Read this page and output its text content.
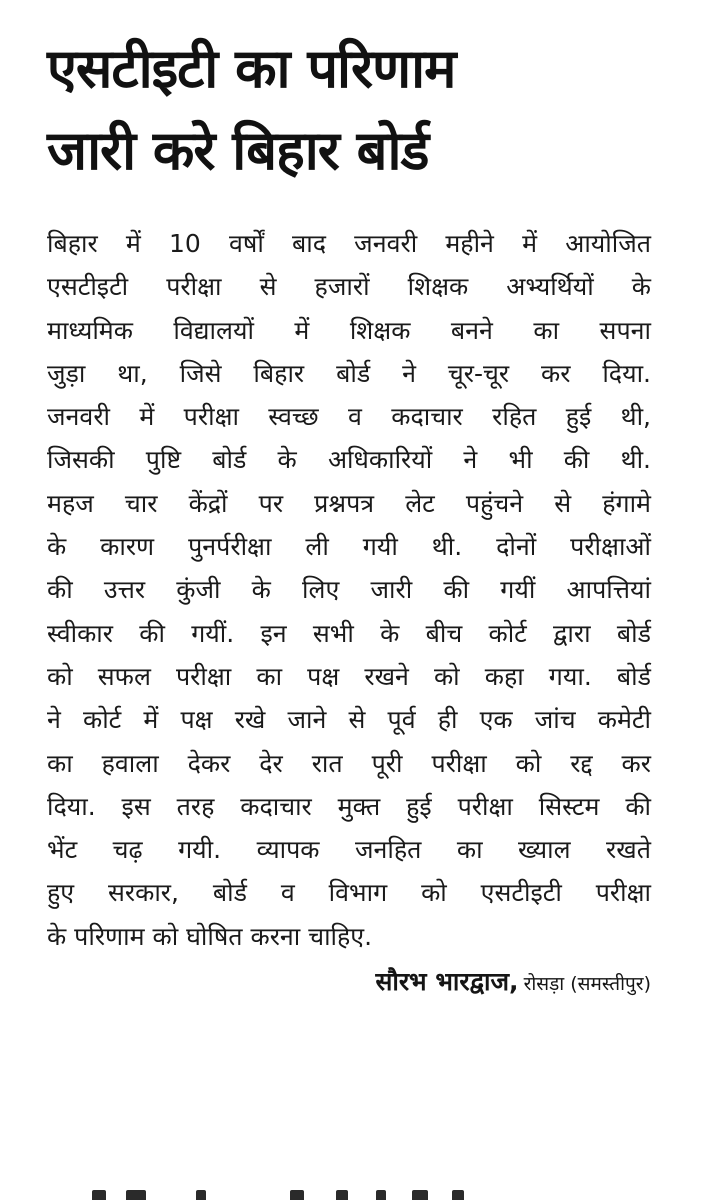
एसटीइटी का परिणाम
जारी करे बिहार बोर्ड
बिहार में 10 वर्षों बाद जनवरी महीने में आयोजित
एसटीइटी परीक्षा से हजारों शिक्षक अभ्यर्थियों के
माध्यमिक विद्यालयों में शिक्षक बनने का सपना
जुड़ा था, जिसे बिहार बोर्ड ने चूर-चूर कर दिया.
जनवरी में परीक्षा स्वच्छ व कदाचार रहित हुई थी,
जिसकी पुष्टि बोर्ड के अधिकारियों ने भी की थी.
महज चार केंद्रों पर प्रश्नपत्र लेट पहुंचने से हंगामे
के कारण पुनर्परीक्षा ली गयी थी. दोनों परीक्षाओं
की उत्तर कुंजी के लिए जारी की गयीं आपत्तियां
स्वीकार की गयीं. इन सभी के बीच कोर्ट द्वारा बोर्ड
को सफल परीक्षा का पक्ष रखने को कहा गया. बोर्ड
ने कोर्ट में पक्ष रखे जाने से पूर्व ही एक जांच कमेटी
का हवाला देकर देर रात पूरी परीक्षा को रद्द कर
दिया. इस तरह कदाचार मुक्त हुई परीक्षा सिस्टम की
भेंट चढ़ गयी. व्यापक जनहित का ख्याल रखते
हुए सरकार, बोर्ड व विभाग को एसटीइटी परीक्षा
के परिणाम को घोषित करना चाहिए.
सौरभ भारद्वाज, रोसड़ा (समस्तीपुर)
